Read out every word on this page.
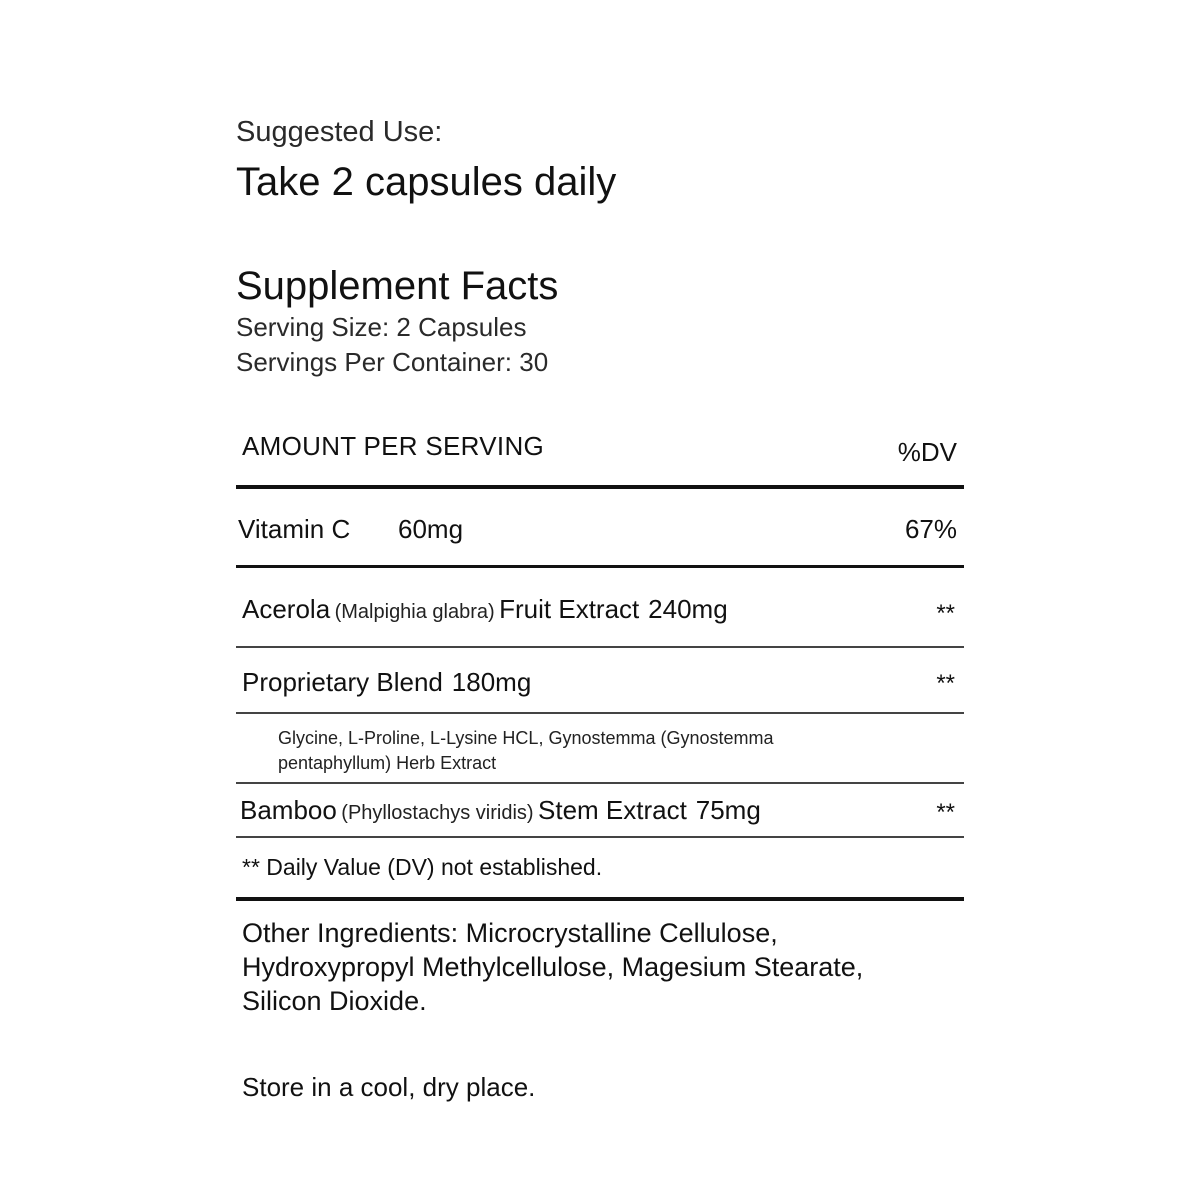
Suggested Use:
Take 2 capsules daily
Supplement Facts
Serving Size: 2 Capsules
Servings Per Container: 30
AMOUNT PER SERVING	%DV
Vitamin C 60mg	67%
Acerola (Malpighia glabra) Fruit Extract 240mg	**
Proprietary Blend 180mg	**
Glycine, L-Proline, L-Lysine HCL, Gynostemma (Gynostemma pentaphyllum) Herb Extract
Bamboo (Phyllostachys viridis) Stem Extract 75mg	**
** Daily Value (DV) not established.
Other Ingredients: Microcrystalline Cellulose, Hydroxypropyl Methylcellulose, Magesium Stearate, Silicon Dioxide.
Store in a cool, dry place.
